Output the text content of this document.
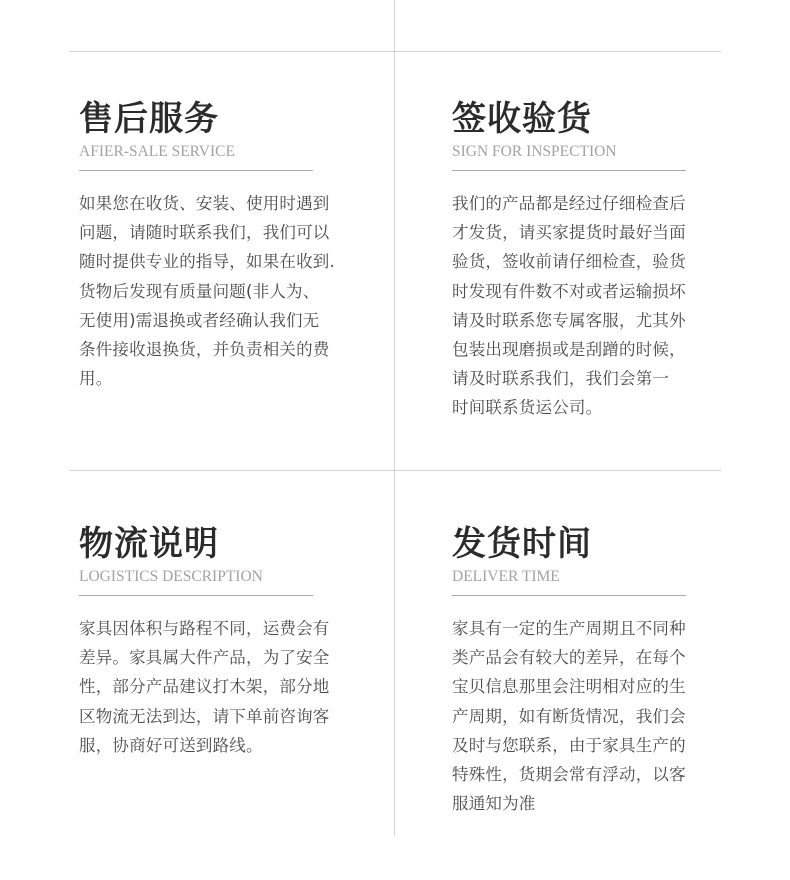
售后服务

AFIER-SALE SERVICE

如果您在收货、安装、使用时遇到
问题，请随时联系我们，我们可以
随时提供专业的指导，如果在收到.
货物后发现有质量问题(非人为、
无使用)需退换或者经确认我们无
条件接收退换货，并负责相关的费
用。

签收验货

SIGN FOR INSPECTION

我们的产品都是经过仔细检查后
才发货，请买家提货时最好当面
验货，签收前请仔细检查，验货
时发现有件数不对或者运输损坏
请及时联系您专属客服，尤其外
包装出现磨损或是刮蹭的时候，
请及时联系我们，我们会第一
时间联系货运公司。

物流说明

LOGISTICS DESCRIPTION

家具因体积与路程不同，运费会有
差异。家具属大件产品，为了安全
性，部分产品建议打木架，部分地
区物流无法到达，请下单前咨询客
服，协商好可送到路线。

发货时间

DELIVER TIME

家具有一定的生产周期且不同种
类产品会有较大的差异，在每个
宝贝信息那里会注明相对应的生
产周期，如有断货情况，我们会
及时与您联系，由于家具生产的
特殊性，货期会常有浮动，以客
服通知为准
